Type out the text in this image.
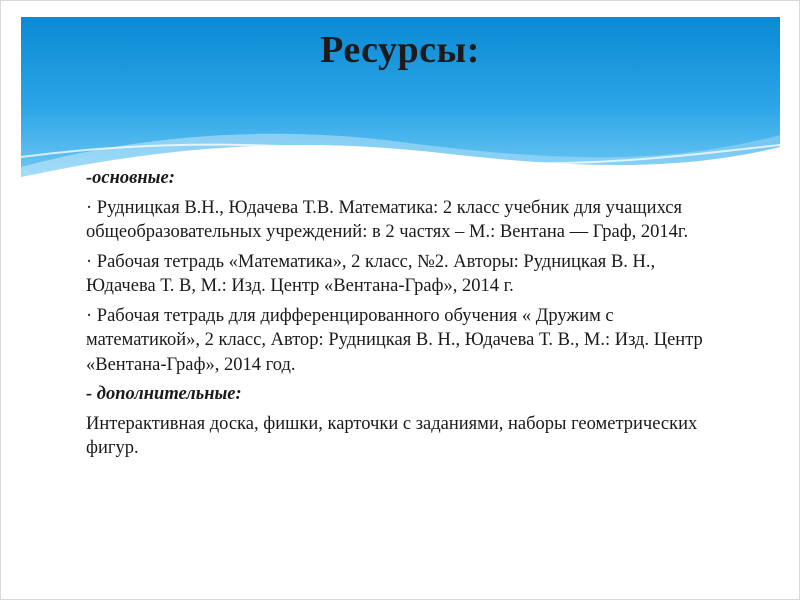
Ресурсы:

-основные:

· Рудницкая В.Н., Юдачева Т.В. Математика: 2 класс учебник для учащихся общеобразовательных учреждений: в 2 частях – М.: Вентана — Граф, 2014г.

· Рабочая тетрадь «Математика», 2 класс, №2. Авторы: Рудницкая В. Н., Юдачева Т. В, М.: Изд. Центр «Вентана-Граф», 2014 г.

· Рабочая тетрадь для дифференцированного обучения « Дружим с математикой», 2 класс, Автор: Рудницкая В. Н., Юдачева Т. В., М.: Изд. Центр «Вентана-Граф», 2014 год.

- дополнительные:

Интерактивная доска, фишки, карточки с заданиями, наборы геометрических фигур.
